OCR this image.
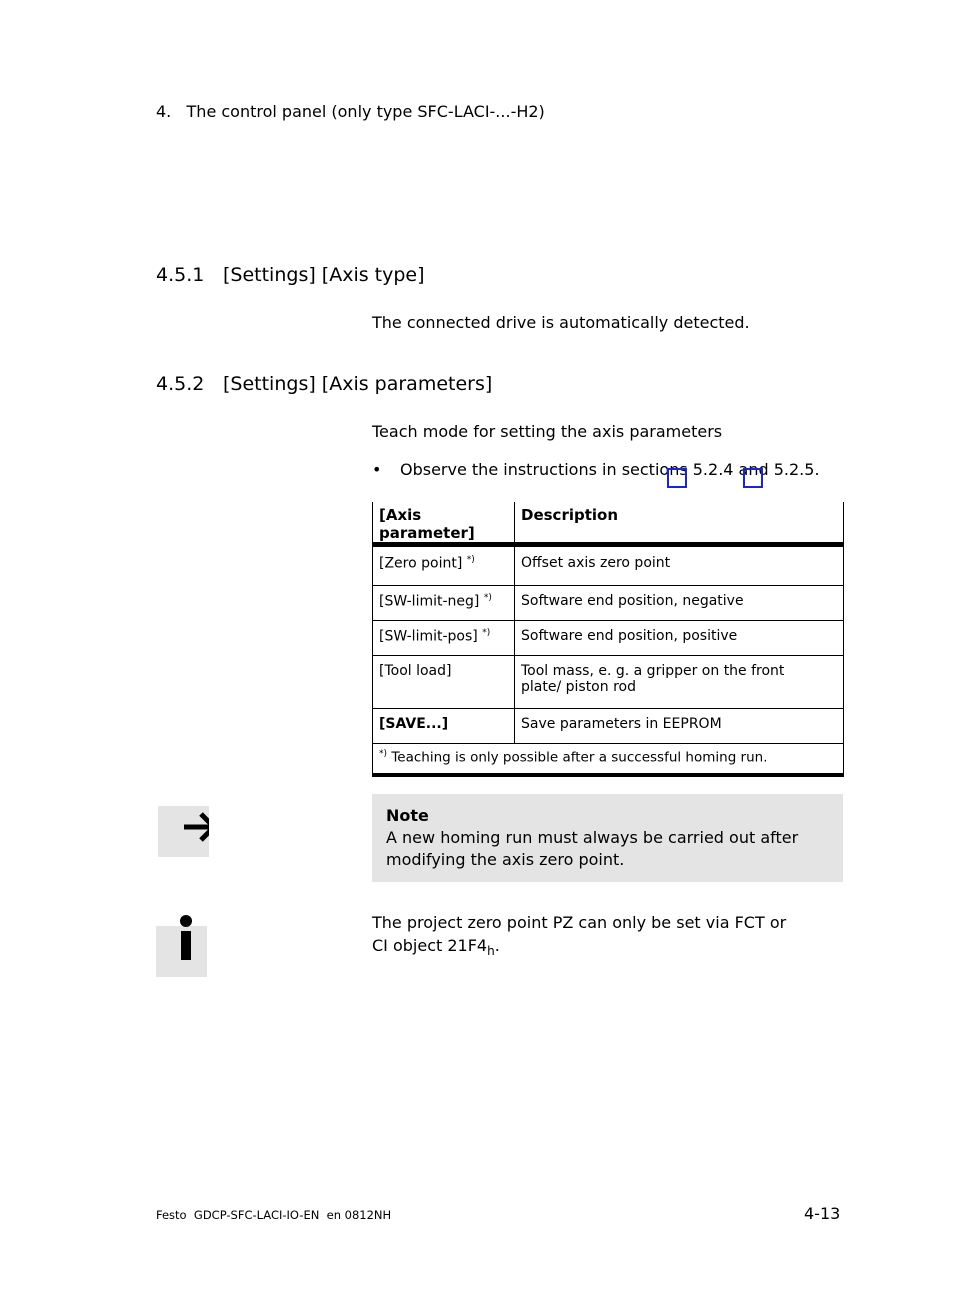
4.   The control panel (only type SFC-LACI-...-H2)
4.5.1 [Settings] [Axis type]
The connected drive is automatically detected.
4.5.2 [Settings] [Axis parameters]
Teach mode for setting the axis parameters
• Observe the instructions in sections 5.2.4 and 5.2.5.
[Axis parameter]	Description
[Zero point] *)	Offset axis zero point
[SW-limit-neg] *)	Software end position, negative
[SW-limit-pos] *)	Software end position, positive
[Tool load]	Tool mass, e. g. a gripper on the front plate/ piston rod
[SAVE...]	Save parameters in EEPROM
*) Teaching is only possible after a successful homing run.	
Note
A new homing run must always be carried out after modifying the axis zero point.
The project zero point PZ can only be set via FCT or CI object $21F4_h$.
Festo  GDCP-SFC-LACI-IO-EN  en 0812NH	4-13
